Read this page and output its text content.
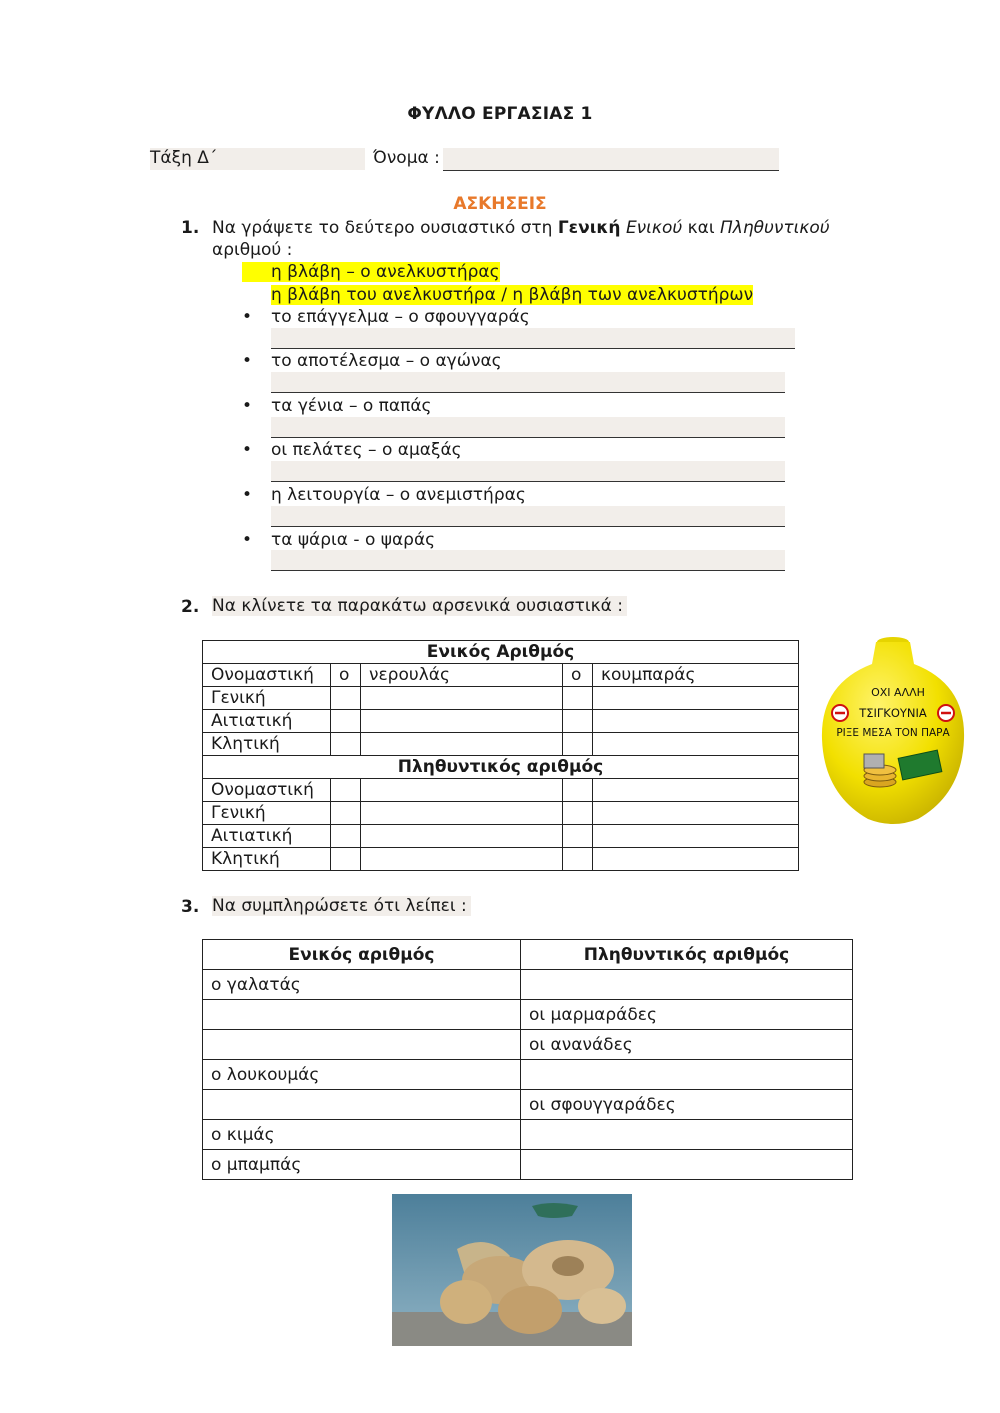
ΦΥΛΛΟ ΕΡΓΑΣΙΑΣ 1
Τάξη Δ΄	Όνομα :
ΑΣΚΗΣΕΙΣ
1. Να γράψετε το δεύτερο ουσιαστικό στη Γενική Ενικού και Πληθυντικού
αριθμού :
η βλάβη – ο ανελκυστήρας
η βλάβη του ανελκυστήρα / η βλάβη των ανελκυστήρων
• το επάγγελμα – ο σφουγγαράς
• το αποτέλεσμα – ο αγώνας
• τα γένια – ο παπάς
• οι πελάτες – ο αμαξάς
• η λειτουργία – ο ανεμιστήρας
• τα ψάρια - ο ψαράς
2. Να κλίνετε τα παρακάτω αρσενικά ουσιαστικά :
Ενικός Αριθμός				
Ονομαστική	ο	νερουλάς	ο	κουμπαράς
Γενική				
Αιτιατική				
Κλητική				
Πληθυντικός αριθμός				
Ονομαστική				
Γενική				
Αιτιατική				
Κλητική				
ΟΧΙ ΑΛΛΗ
ΤΣΙΓΚΟΥΝΙΑ
ΡΙΞΕ ΜΕΣΑ ΤΟΝ ΠΑΡΑ
3. Να συμπληρώσετε ότι λείπει :
Ενικός αριθμός	Πληθυντικός αριθμός
ο γαλατάς	
	οι μαρμαράδες
	οι ανανάδες
ο λουκουμάς	
	οι σφουγγαράδες
ο κιμάς	
ο μπαμπάς	
